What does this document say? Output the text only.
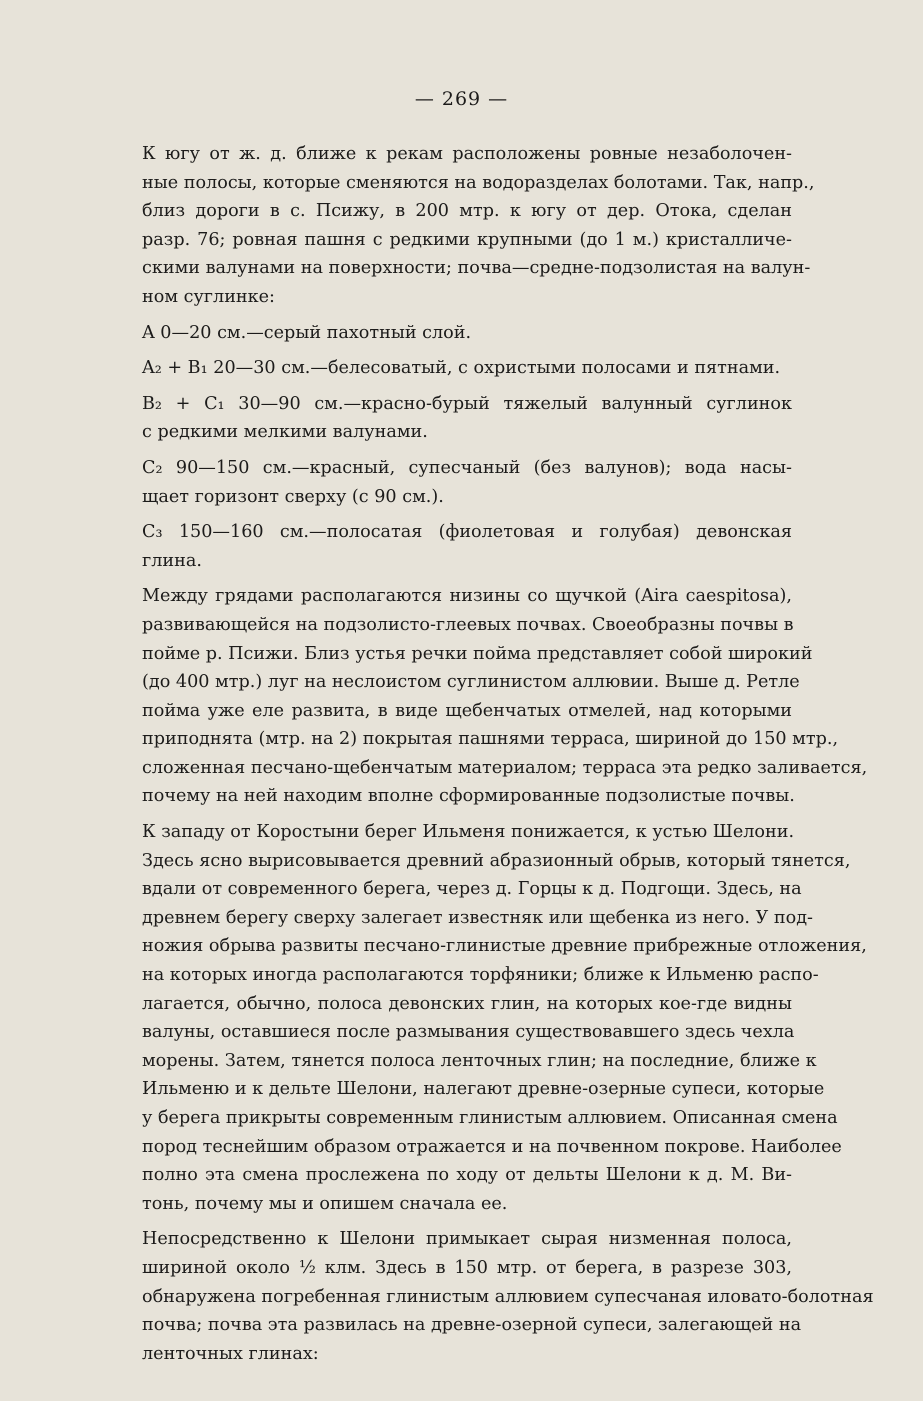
— 269 —
К югу от ж. д. ближе к рекам расположены ровные незаболочен-
ные полосы, которые сменяются на водоразделах болотами. Так, напр.,
близ дороги в с. Псижу, в 200 мтр. к югу от дер. Отока, сделан
разр. 76; ровная пашня с редкими крупными (до 1 м.) кристалличе-
скими валунами на поверхности; почва—средне-подзолистая на валун-
ном суглинке:
A 0—20 см.—серый пахотный слой.
A₂ + B₁ 20—30 см.—белесоватый, с охристыми полосами и пятнами.
B₂ + C₁ 30—90 см.—красно-бурый тяжелый валунный суглинок
с редкими мелкими валунами.
C₂ 90—150 см.—красный, супесчаный (без валунов); вода насы-
щает горизонт сверху (с 90 см.).
C₃ 150—160 см.—полосатая (фиолетовая и голубая) девонская
глина.
Между грядами располагаются низины со щучкой (Aira caespitosa),
развивающейся на подзолисто-глеевых почвах. Своеобразны почвы в
пойме р. Псижи. Близ устья речки пойма представляет собой широкий
(до 400 мтр.) луг на неслоистом суглинистом аллювии. Выше д. Ретле
пойма уже еле развита, в виде щебенчатых отмелей, над которыми
приподнята (мтр. на 2) покрытая пашнями терраса, шириной до 150 мтр.,
сложенная песчано-щебенчатым материалом; терраса эта редко заливается,
почему на ней находим вполне сформированные подзолистые почвы.
К западу от Коростыни берег Ильменя понижается, к устью Шелони.
Здесь ясно вырисовывается древний абразионный обрыв, который тянется,
вдали от современного берега, через д. Горцы к д. Подгощи. Здесь, на
древнем берегу сверху залегает известняк или щебенка из него. У под-
ножия обрыва развиты песчано-глинистые древние прибрежные отложения,
на которых иногда располагаются торфяники; ближе к Ильменю распо-
лагается, обычно, полоса девонских глин, на которых кое-где видны
валуны, оставшиеся после размывания существовавшего здесь чехла
морены. Затем, тянется полоса ленточных глин; на последние, ближе к
Ильменю и к дельте Шелони, налегают древне-озерные супеси, которые
у берега прикрыты современным глинистым аллювием. Описанная смена
пород теснейшим образом отражается и на почвенном покрове. Наиболее
полно эта смена прослежена по ходу от дельты Шелони к д. М. Ви-
тонь, почему мы и опишем сначала ее.
Непосредственно к Шелони примыкает сырая низменная полоса,
шириной около ½ клм. Здесь в 150 мтр. от берега, в разрезе 303,
обнаружена погребенная глинистым аллювием супесчаная иловато-болотная
почва; почва эта развилась на древне-озерной супеси, залегающей на
ленточных глинах:
